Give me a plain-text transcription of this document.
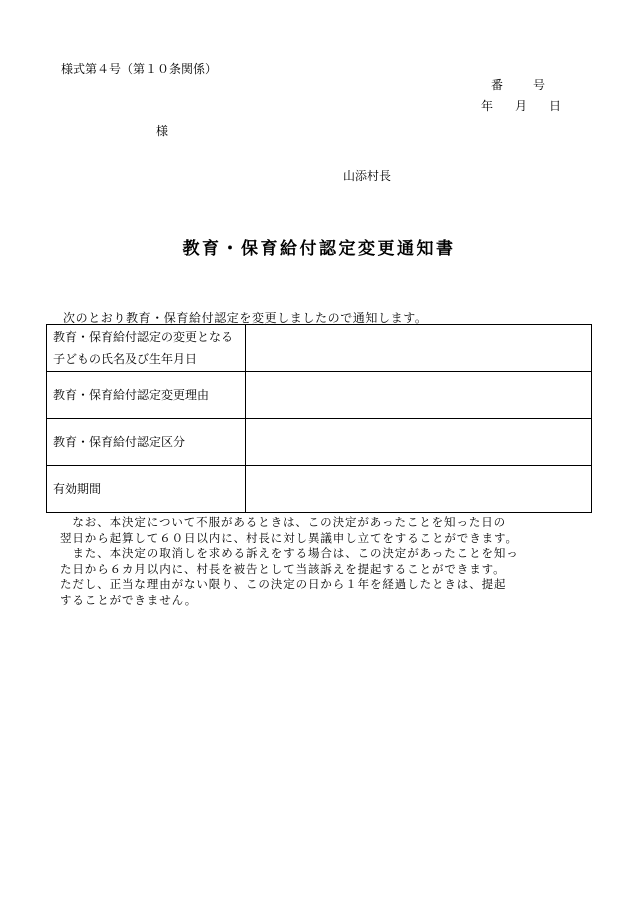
様式第４号（第１０条関係）
番号
年月日
様
山添村長
教育・保育給付認定変更通知書
次のとおり教育・保育給付認定を変更しましたので通知します。
教育・保育給付認定の変更となる
子どもの氏名及び生年月日	

教育・保育給付認定変更理由	
教育・保育給付認定区分	
有効期間	
　なお、本決定について不服があるときは、この決定があったことを知った日の
翌日から起算して６０日以内に、村長に対し異議申し立てをすることができます。
　また、本決定の取消しを求める訴えをする場合は、この決定があったことを知っ
た日から６カ月以内に、村長を被告として当該訴えを提起することができます。
ただし、正当な理由がない限り、この決定の日から１年を経過したときは、提起
することができません。
